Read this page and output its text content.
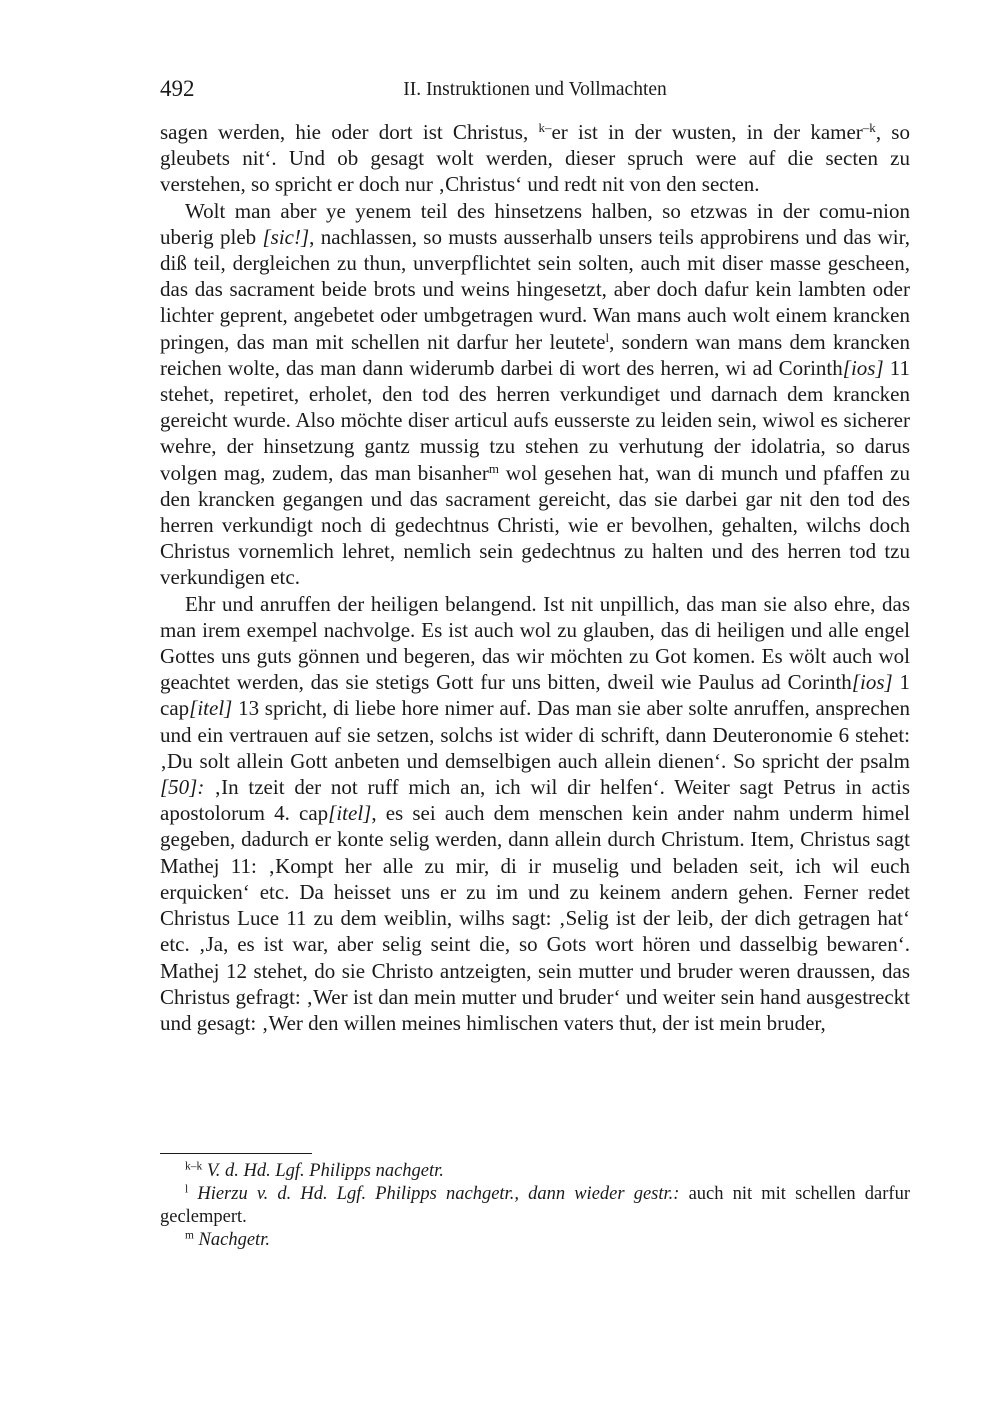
492	II. Instruktionen und Vollmachten

sagen werden, hie oder dort ist Christus, $^{k-}$er ist in der wusten, in der kamer$^{-k}$, so gleubets nit‘. Und ob gesagt wolt werden, dieser spruch were auf die secten zu verstehen, so spricht er doch nur ‚Christus‘ und redt nit von den secten.

Wolt man aber ye yenem teil des hinsetzens halben, so etzwas in der comu-nion uberig pleb [sic!], nachlassen, so musts ausserhalb unsers teils approbirens und das wir, diß teil, dergleichen zu thun, unverpflichtet sein solten, auch mit diser masse gescheen, das das sacrament beide brots und weins hingesetzt, aber doch dafur kein lambten oder lichter geprent, angebetet oder umbgetragen wurd. Wan mans auch wolt einem krancken pringen, das man mit schellen nit darfur her leutete$^l$, sondern wan mans dem krancken reichen wolte, das man dann widerumb darbei di wort des herren, wi ad Corinth[ios] 11 stehet, repetiret, erholet, den tod des herren verkundiget und darnach dem krancken gereicht wurde. Also möchte diser articul aufs eusserste zu leiden sein, wiwol es sicherer wehre, der hinsetzung gantz mussig tzu stehen zu verhutung der idolatria, so darus volgen mag, zudem, das man bisanher$^m$ wol gesehen hat, wan di munch und pfaffen zu den krancken gegangen und das sacrament gereicht, das sie darbei gar nit den tod des herren verkundigt noch di gedechtnus Christi, wie er bevolhen, gehalten, wilchs doch Christus vornemlich lehret, nemlich sein gedechtnus zu halten und des herren tod tzu verkundigen etc.

Ehr und anruffen der heiligen belangend. Ist nit unpillich, das man sie also ehre, das man irem exempel nachvolge. Es ist auch wol zu glauben, das di heiligen und alle engel Gottes uns guts gönnen und begeren, das wir möchten zu Got komen. Es wölt auch wol geachtet werden, das sie stetigs Gott fur uns bitten, dweil wie Paulus ad Corinth[ios] 1 cap[itel] 13 spricht, di liebe hore nimer auf. Das man sie aber solte anruffen, ansprechen und ein vertrauen auf sie setzen, solchs ist wider di schrift, dann Deuteronomie 6 stehet: ‚Du solt allein Gott anbeten und demselbigen auch allein dienen‘. So spricht der psalm [50]: ‚In tzeit der not ruff mich an, ich wil dir helfen‘. Weiter sagt Petrus in actis apostolorum 4. cap[itel], es sei auch dem menschen kein ander nahm underm himel gegeben, dadurch er konte selig werden, dann allein durch Christum. Item, Christus sagt Mathej 11: ‚Kompt her alle zu mir, di ir muselig und beladen seit, ich wil euch erquicken‘ etc. Da heisset uns er zu im und zu keinem andern gehen. Ferner redet Christus Luce 11 zu dem weiblin, wilhs sagt: ‚Selig ist der leib, der dich getragen hat‘ etc. ‚Ja, es ist war, aber selig seint die, so Gots wort hören und dasselbig bewaren‘. Mathej 12 stehet, do sie Christo antzeigten, sein mutter und bruder weren draussen, das Christus gefragt: ‚Wer ist dan mein mutter und bruder‘ und weiter sein hand ausgestreckt und gesagt: ‚Wer den willen meines himlischen vaters thut, der ist mein bruder,

$^{k-k}$ V. d. Hd. Lgf. Philipps nachgetr.

$^l$ Hierzu v. d. Hd. Lgf. Philipps nachgetr., dann wieder gestr.: auch nit mit schellen darfur geclempert.

$^m$ Nachgetr.
